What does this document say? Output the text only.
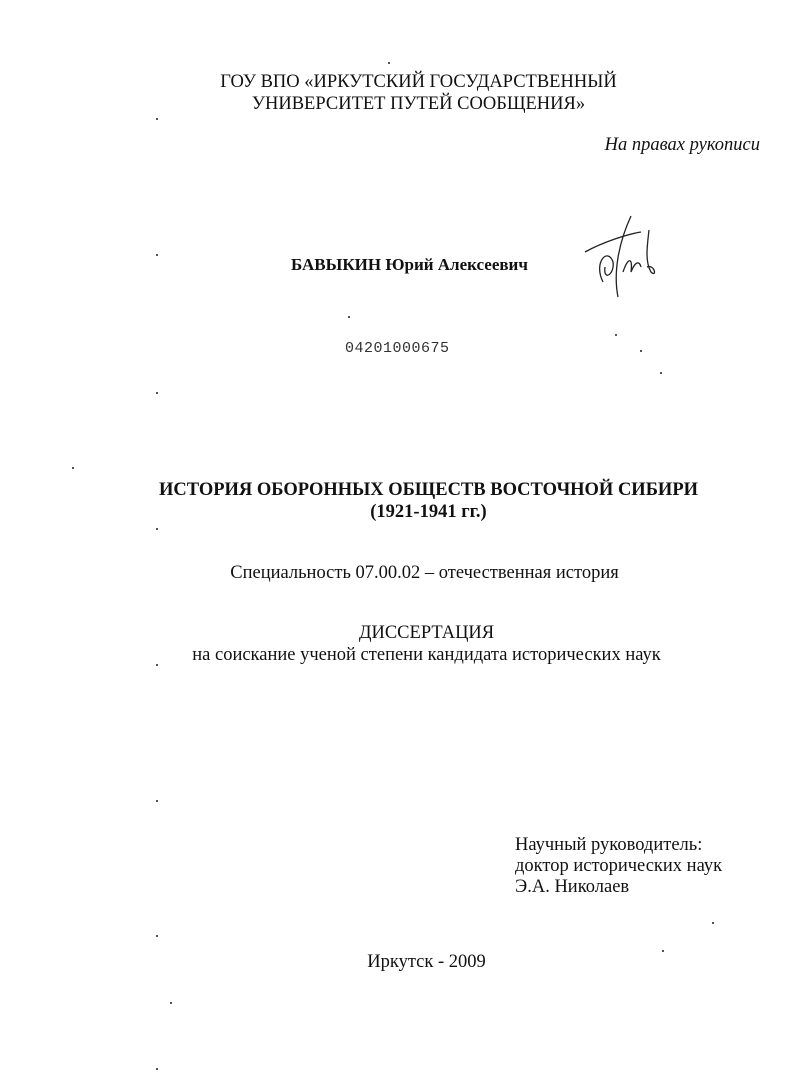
ГОУ ВПО «ИРКУТСКИЙ ГОСУДАРСТВЕННЫЙ
УНИВЕРСИТЕТ ПУТЕЙ СООБЩЕНИЯ»
На правах рукописи
БАВЫКИН Юрий Алексеевич
04201000675
ИСТОРИЯ ОБОРОННЫХ ОБЩЕСТВ ВОСТОЧНОЙ СИБИРИ
(1921-1941 гг.)
Специальность 07.00.02 – отечественная история
ДИССЕРТАЦИЯ
на соискание ученой степени кандидата исторических наук
Научный руководитель:
доктор исторических наук
Э.А. Николаев
Иркутск - 2009
